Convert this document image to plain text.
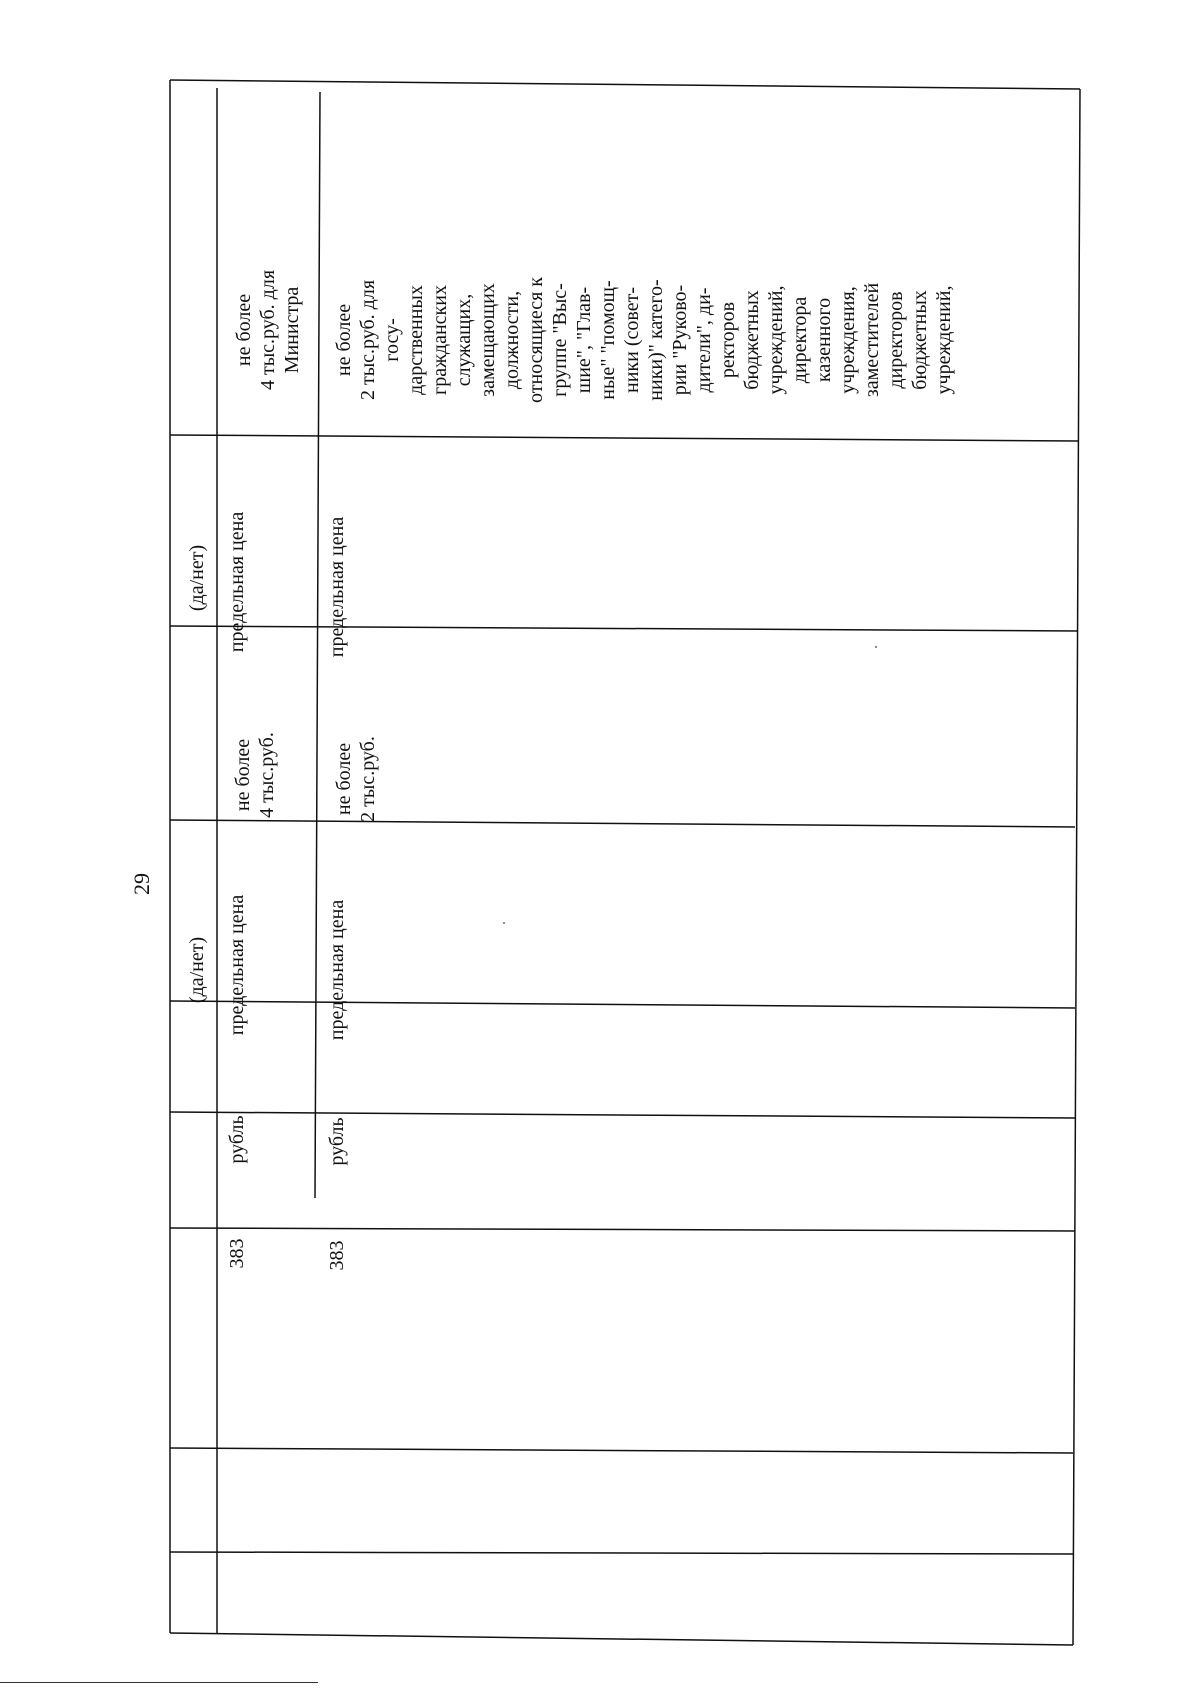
29
(да/нет)
(да/нет)
предельная цена
не более 4 тыс.руб. для Министра
не более 4 тыс.руб.
предельная цена
рубль
383
предельная цена
не более 2 тыс.руб.
предельная цена
рубль
383
не более 2 тыс.руб. для госу- дарственных гражданских служащих, замещающих должности, относящиеся к группе "Выс- шие", "Глав- ные" "помощ- ники (совет- ники)" катего- рии "Руково- дители", ди- ректоров бюджетных учреждений, директора казенного учреждения, заместителей директоров бюджетных учреждений,
